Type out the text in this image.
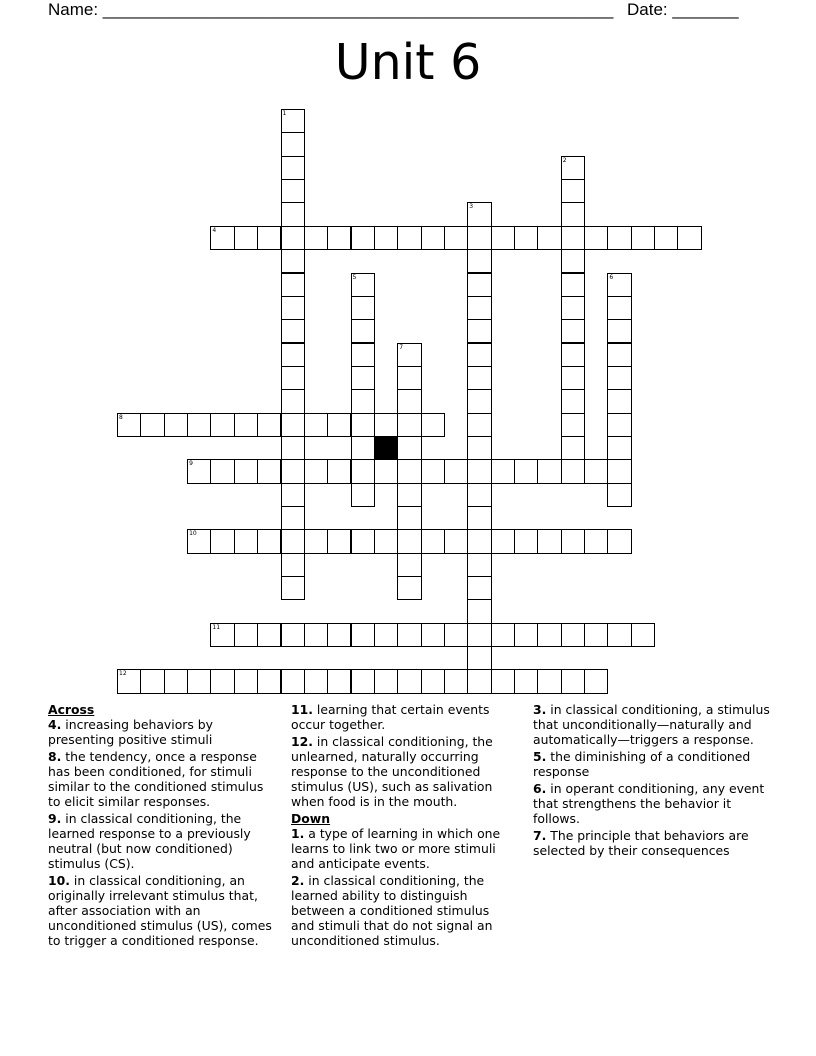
Name: ______________________________________________________ Date: _______
Unit 6
1
2
3
4
5	6
7
8
9
10
11
12

Across

4. increasing behaviors by presenting positive stimuli

8. the tendency, once a response has been conditioned, for stimuli similar to the conditioned stimulus to elicit similar responses.

9. in classical conditioning, the learned response to a previously neutral (but now conditioned) stimulus (CS).

10. in classical conditioning, an originally irrelevant stimulus that, after association with an unconditioned stimulus (US), comes to trigger a conditioned response.

11. learning that certain events occur together.

12. in classical conditioning, the unlearned, naturally occurring response to the unconditioned stimulus (US), such as salivation when food is in the mouth.

Down

1. a type of learning in which one learns to link two or more stimuli and anticipate events.

2. in classical conditioning, the learned ability to distinguish between a conditioned stimulus and stimuli that do not signal an unconditioned stimulus.

3. in classical conditioning, a stimulus that unconditionally—naturally and automatically—triggers a response.

5. the diminishing of a conditioned response

6. in operant conditioning, any event that strengthens the behavior it follows.

7. The principle that behaviors are selected by their consequences
